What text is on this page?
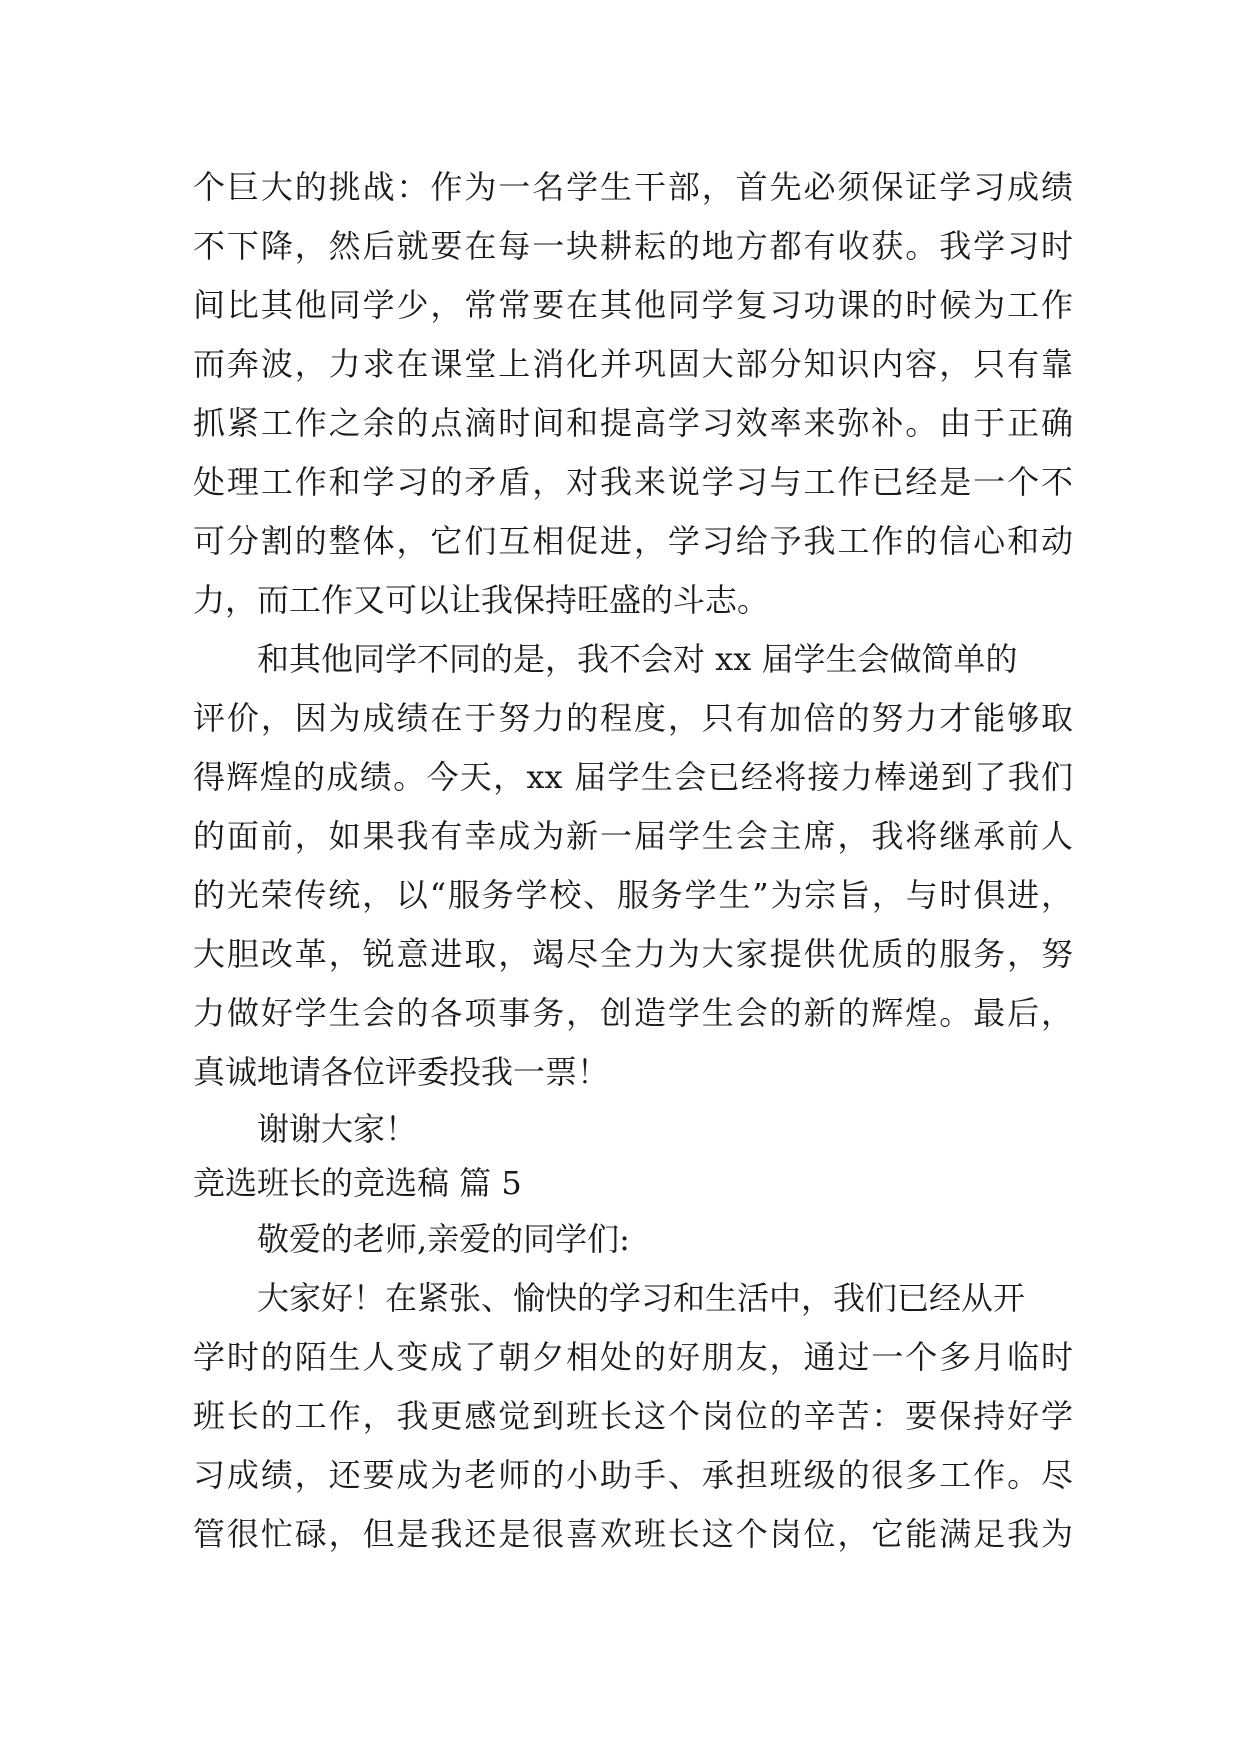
个巨大的挑战：作为一名学生干部，首先必须保证学习成绩
不下降，然后就要在每一块耕耘的地方都有收获。我学习时
间比其他同学少，常常要在其他同学复习功课的时候为工作
而奔波，力求在课堂上消化并巩固大部分知识内容，只有靠
抓紧工作之余的点滴时间和提高学习效率来弥补。由于正确
处理工作和学习的矛盾，对我来说学习与工作已经是一个不
可分割的整体，它们互相促进，学习给予我工作的信心和动
力，而工作又可以让我保持旺盛的斗志。
和其他同学不同的是，我不会对 xx 届学生会做简单的
评价，因为成绩在于努力的程度，只有加倍的努力才能够取
得辉煌的成绩。今天，xx 届学生会已经将接力棒递到了我们
的面前，如果我有幸成为新一届学生会主席，我将继承前人
的光荣传统，以“服务学校、服务学生”为宗旨，与时俱进，
大胆改革，锐意进取，竭尽全力为大家提供优质的服务，努
力做好学生会的各项事务，创造学生会的新的辉煌。最后，
真诚地请各位评委投我一票！
谢谢大家！
竞选班长的竞选稿 篇 5
敬爱的老师,亲爱的同学们:
大家好！在紧张、愉快的学习和生活中，我们已经从开
学时的陌生人变成了朝夕相处的好朋友，通过一个多月临时
班长的工作，我更感觉到班长这个岗位的辛苦：要保持好学
习成绩，还要成为老师的小助手、承担班级的很多工作。尽
管很忙碌，但是我还是很喜欢班长这个岗位，它能满足我为
